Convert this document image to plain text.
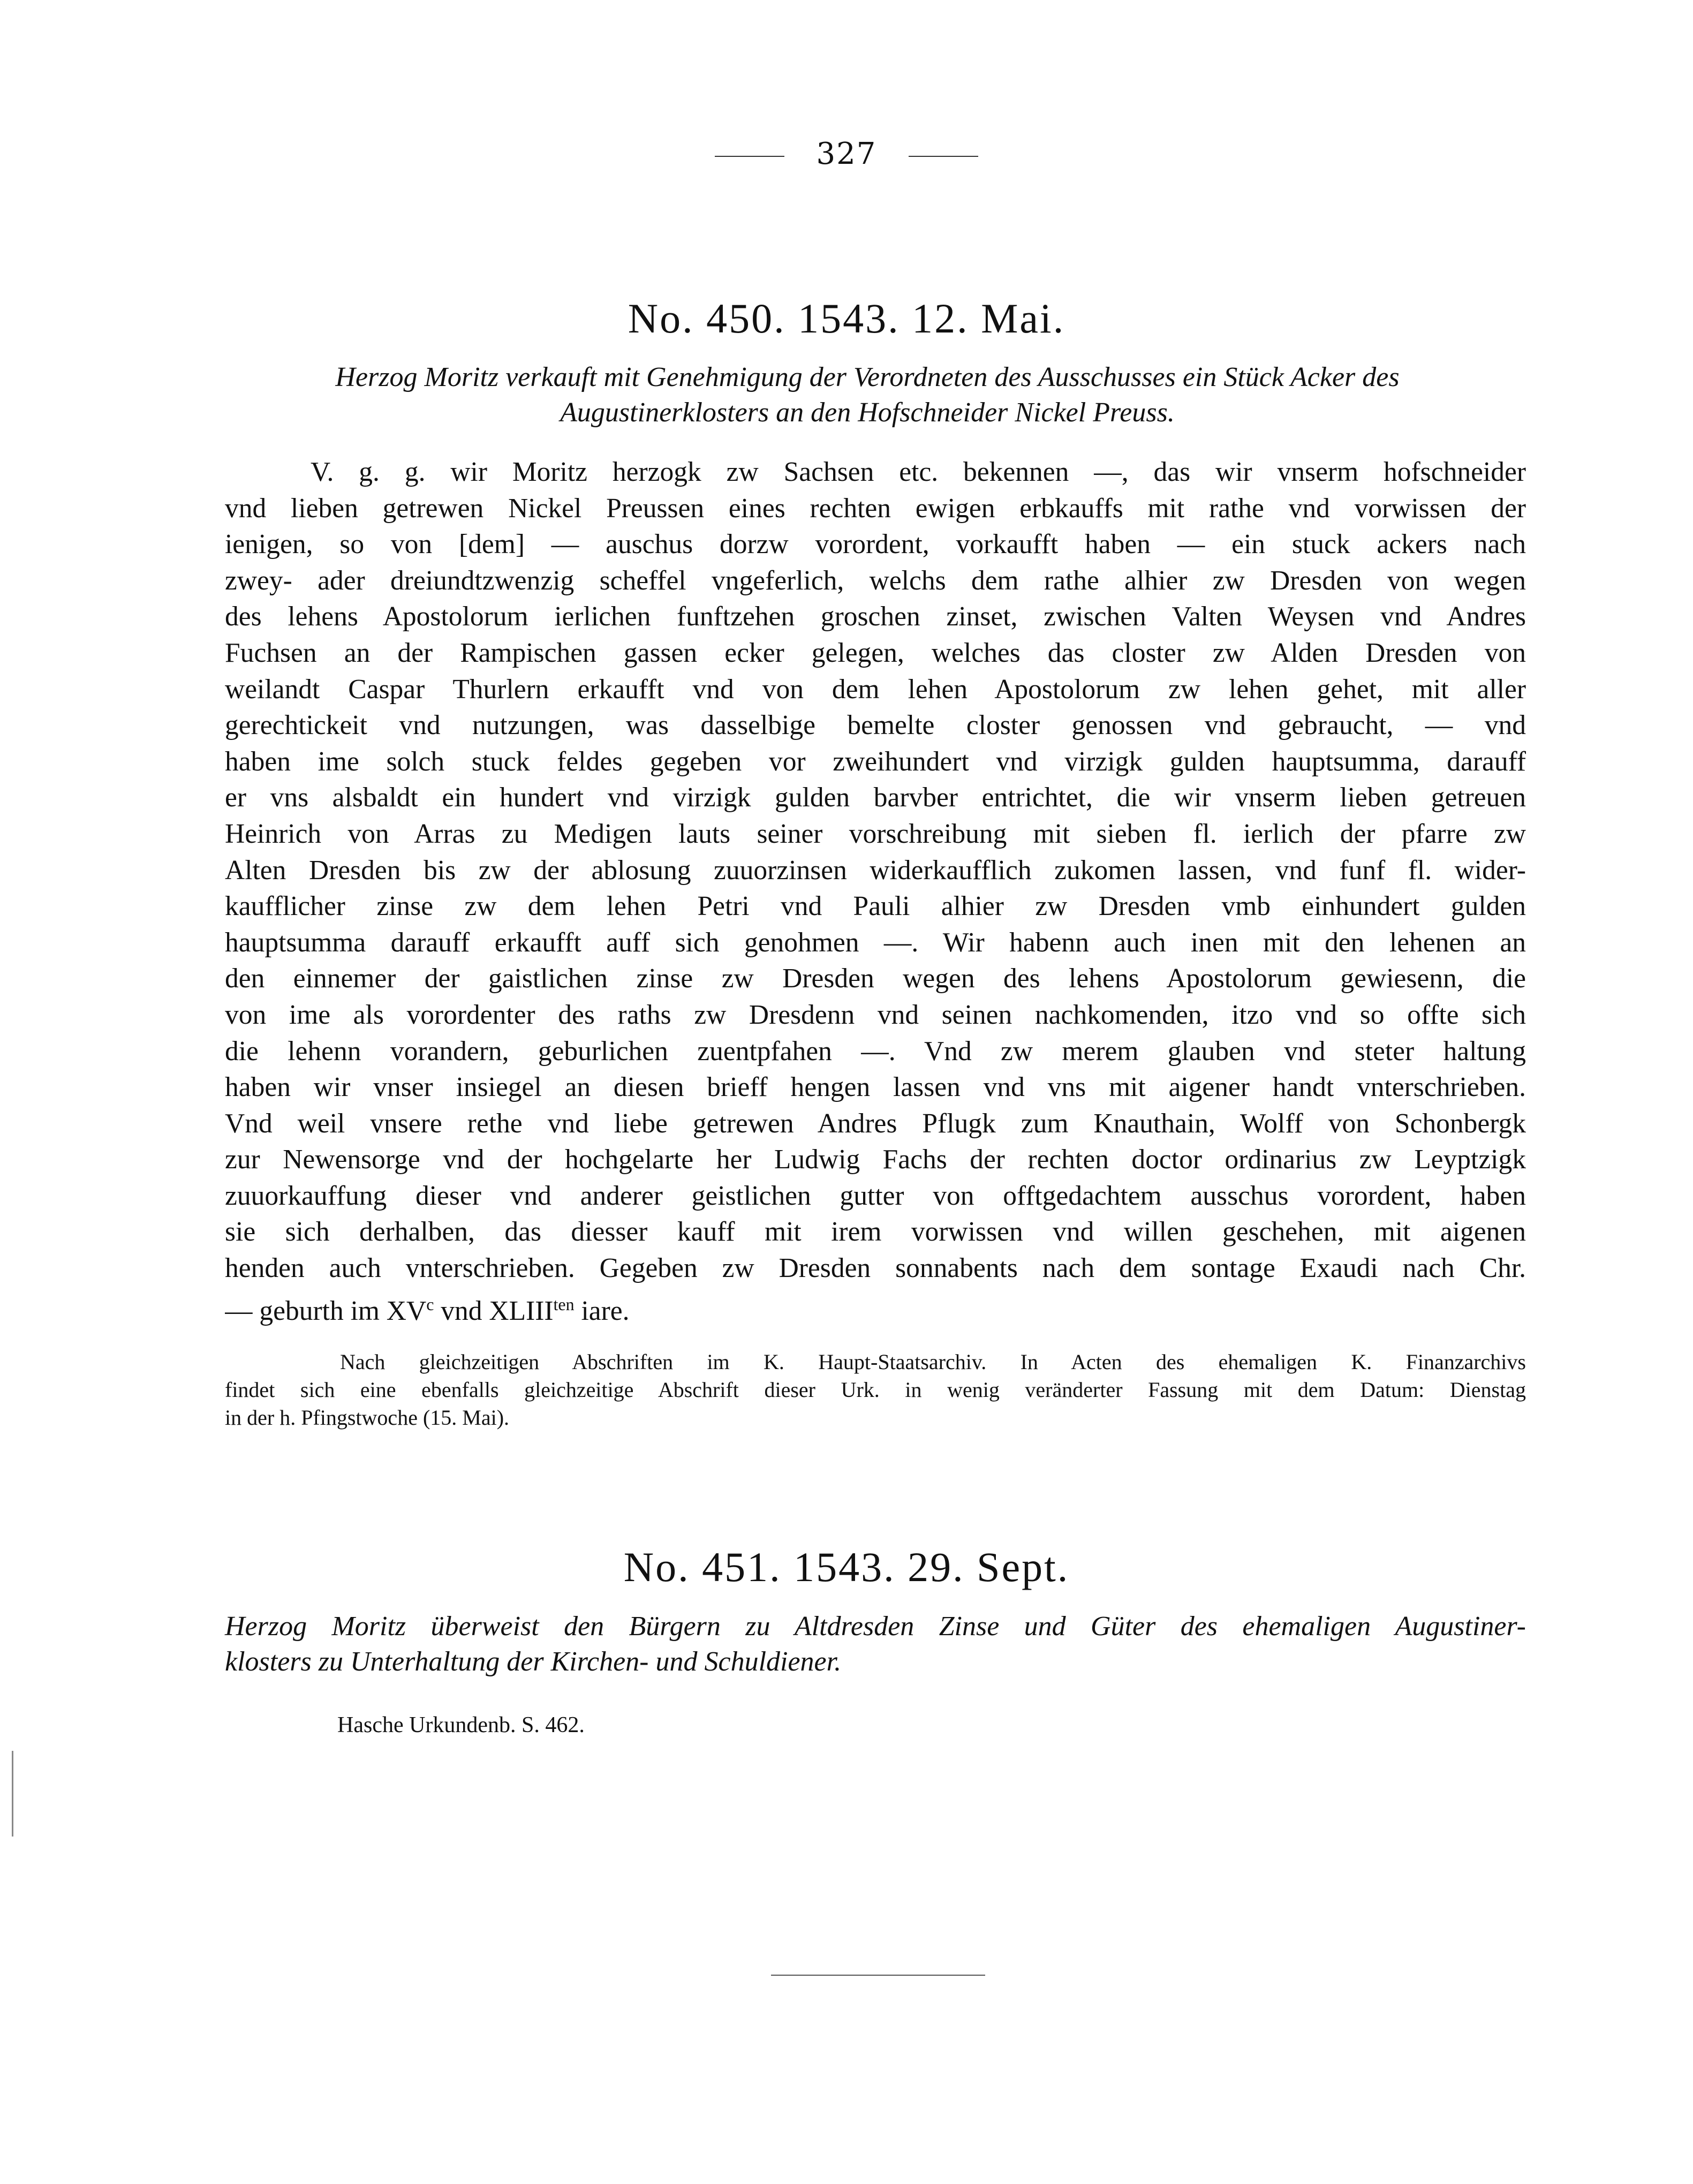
327
No. 450. 1543. 12. Mai.
Herzog Moritz verkauft mit Genehmigung der Verordneten des Ausschusses ein Stück Acker des
Augustinerklosters an den Hofschneider Nickel Preuss.
V. g. g. wir Moritz herzogk zw Sachsen etc. bekennen —, das wir vnserm hofschneider
vnd lieben getrewen Nickel Preussen eines rechten ewigen erbkauffs mit rathe vnd vorwissen der
ienigen, so von [dem] — auschus dorzw vorordent, vorkaufft haben — ein stuck ackers nach
zwey- ader dreiundtzwenzig scheffel vngeferlich, welchs dem rathe alhier zw Dresden von wegen
des lehens Apostolorum ierlichen funftzehen groschen zinset, zwischen Valten Weysen vnd Andres
Fuchsen an der Rampischen gassen ecker gelegen, welches das closter zw Alden Dresden von
weilandt Caspar Thurlern erkaufft vnd von dem lehen Apostolorum zw lehen gehet, mit aller
gerechtickeit vnd nutzungen, was dasselbige bemelte closter genossen vnd gebraucht, — vnd
haben ime solch stuck feldes gegeben vor zweihundert vnd virzigk gulden hauptsumma, darauff
er vns alsbaldt ein hundert vnd virzigk gulden barvber entrichtet, die wir vnserm lieben getreuen
Heinrich von Arras zu Medigen lauts seiner vorschreibung mit sieben fl. ierlich der pfarre zw
Alten Dresden bis zw der ablosung zuuorzinsen widerkaufflich zukomen lassen, vnd funf fl. wider-
kaufflicher zinse zw dem lehen Petri vnd Pauli alhier zw Dresden vmb einhundert gulden
hauptsumma darauff erkaufft auff sich genohmen —. Wir habenn auch inen mit den lehenen an
den einnemer der gaistlichen zinse zw Dresden wegen des lehens Apostolorum gewiesenn, die
von ime als vorordenter des raths zw Dresdenn vnd seinen nachkomenden, itzo vnd so offte sich
die lehenn vorandern, geburlichen zuentpfahen —. Vnd zw merem glauben vnd steter haltung
haben wir vnser insiegel an diesen brieff hengen lassen vnd vns mit aigener handt vnterschrieben.
Vnd weil vnsere rethe vnd liebe getrewen Andres Pflugk zum Knauthain, Wolff von Schonbergk
zur Newensorge vnd der hochgelarte her Ludwig Fachs der rechten doctor ordinarius zw Leyptzigk
zuuorkauffung dieser vnd anderer geistlichen gutter von offtgedachtem ausschus vorordent, haben
sie sich derhalben, das diesser kauff mit irem vorwissen vnd willen geschehen, mit aigenen
henden auch vnterschrieben. Gegeben zw Dresden sonnabents nach dem sontage Exaudi nach Chr.
— geburth im $XV^c$ vnd $XLIII^{ten}$ iare.
Nach gleichzeitigen Abschriften im K. Haupt-Staatsarchiv. In Acten des ehemaligen K. Finanzarchivs
findet sich eine ebenfalls gleichzeitige Abschrift dieser Urk. in wenig veränderter Fassung mit dem Datum: Dienstag
in der h. Pfingstwoche (15. Mai).
No. 451. 1543. 29. Sept.
Herzog Moritz überweist den Bürgern zu Altdresden Zinse und Güter des ehemaligen Augustiner-
klosters zu Unterhaltung der Kirchen- und Schuldiener.
Hasche Urkundenb. S. 462.
